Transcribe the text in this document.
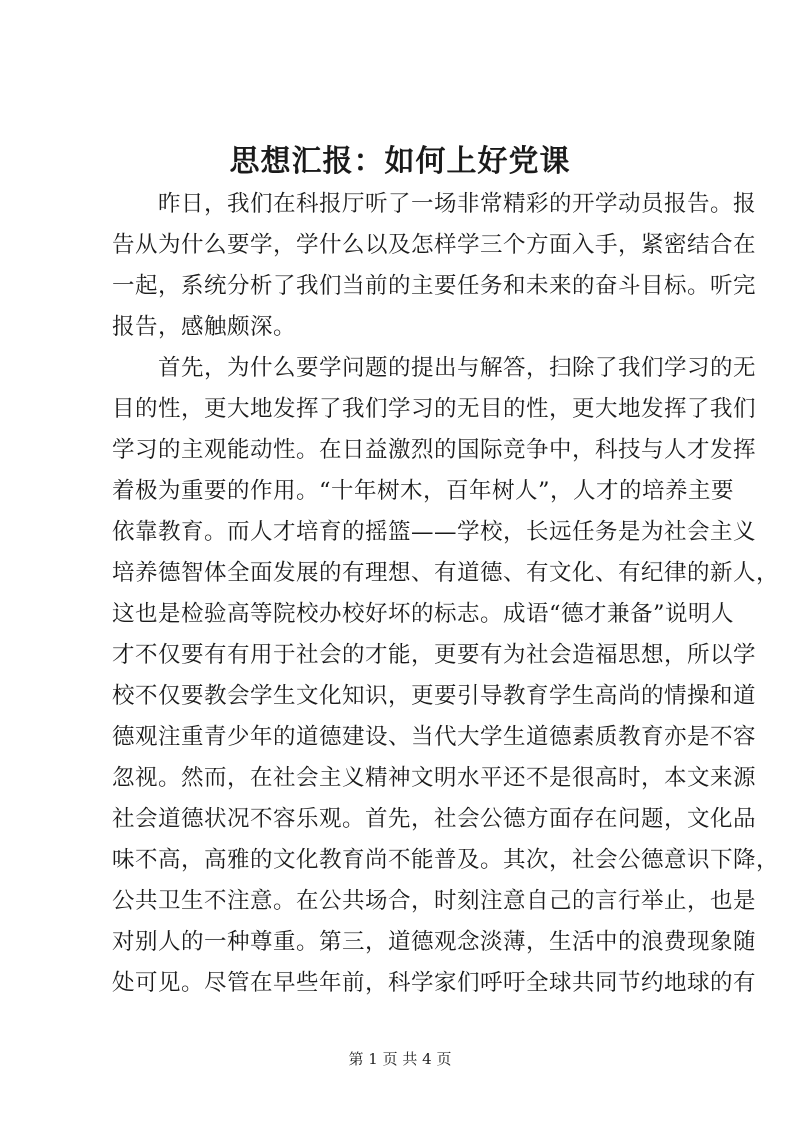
思想汇报：如何上好党课
昨日，我们在科报厅听了一场非常精彩的开学动员报告。报
告从为什么要学，学什么以及怎样学三个方面入手，紧密结合在
一起，系统分析了我们当前的主要任务和未来的奋斗目标。听完
报告，感触颇深。
首先，为什么要学问题的提出与解答，扫除了我们学习的无
目的性，更大地发挥了我们学习的无目的性，更大地发挥了我们
学习的主观能动性。在日益激烈的国际竞争中，科技与人才发挥
着极为重要的作用。“十年树木，百年树人”，人才的培养主要
依靠教育。而人才培育的摇篮——学校，长远任务是为社会主义
培养德智体全面发展的有理想、有道德、有文化、有纪律的新人，
这也是检验高等院校办校好坏的标志。成语“德才兼备”说明人
才不仅要有有用于社会的才能，更要有为社会造福思想，所以学
校不仅要教会学生文化知识，更要引导教育学生高尚的情操和道
德观注重青少年的道德建设、当代大学生道德素质教育亦是不容
忽视。然而，在社会主义精神文明水平还不是很高时，本文来源
社会道德状况不容乐观。首先，社会公德方面存在问题，文化品
味不高，高雅的文化教育尚不能普及。其次，社会公德意识下降，
公共卫生不注意。在公共场合，时刻注意自己的言行举止，也是
对别人的一种尊重。第三，道德观念淡薄，生活中的浪费现象随
处可见。尽管在早些年前，科学家们呼吁全球共同节约地球的有
第 1 页 共 4 页
